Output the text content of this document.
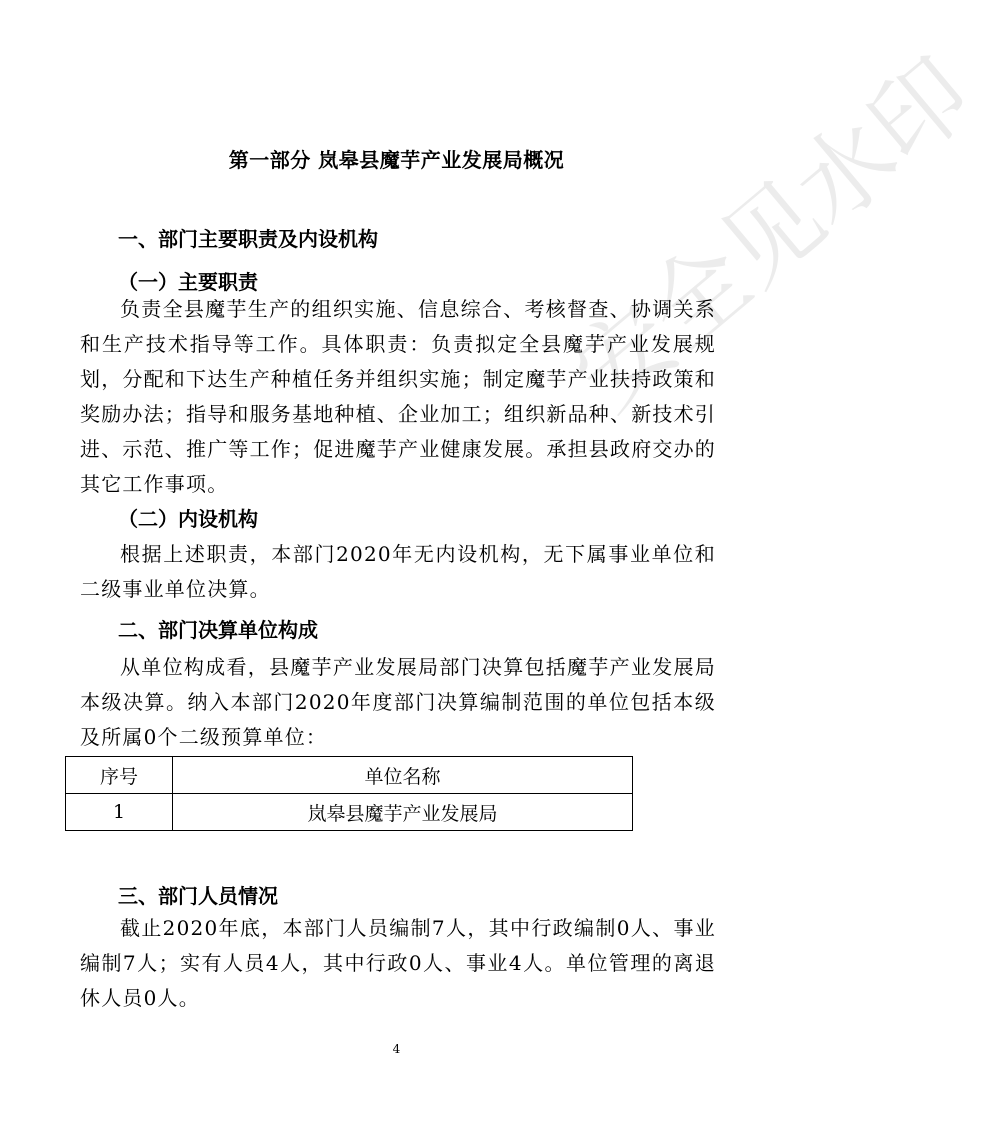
安全见水印
第一部分 岚皋县魔芋产业发展局概况
一、部门主要职责及内设机构
（一）主要职责
负责全县魔芋生产的组织实施、信息综合、考核督查、协调关系和生产技术指导等工作。具体职责：负责拟定全县魔芋产业发展规划，分配和下达生产种植任务并组织实施；制定魔芋产业扶持政策和奖励办法；指导和服务基地种植、企业加工；组织新品种、新技术引进、示范、推广等工作；促进魔芋产业健康发展。承担县政府交办的其它工作事项。
（二）内设机构
根据上述职责，本部门2020年无内设机构，无下属事业单位和二级事业单位决算。
二、部门决算单位构成
从单位构成看，县魔芋产业发展局部门决算包括魔芋产业发展局本级决算。纳入本部门2020年度部门决算编制范围的单位包括本级及所属0个二级预算单位：
序号	单位名称
1	岚皋县魔芋产业发展局
三、部门人员情况
截止2020年底，本部门人员编制7人，其中行政编制0人、事业编制7人；实有人员4人，其中行政0人、事业4人。单位管理的离退休人员0人。
4
